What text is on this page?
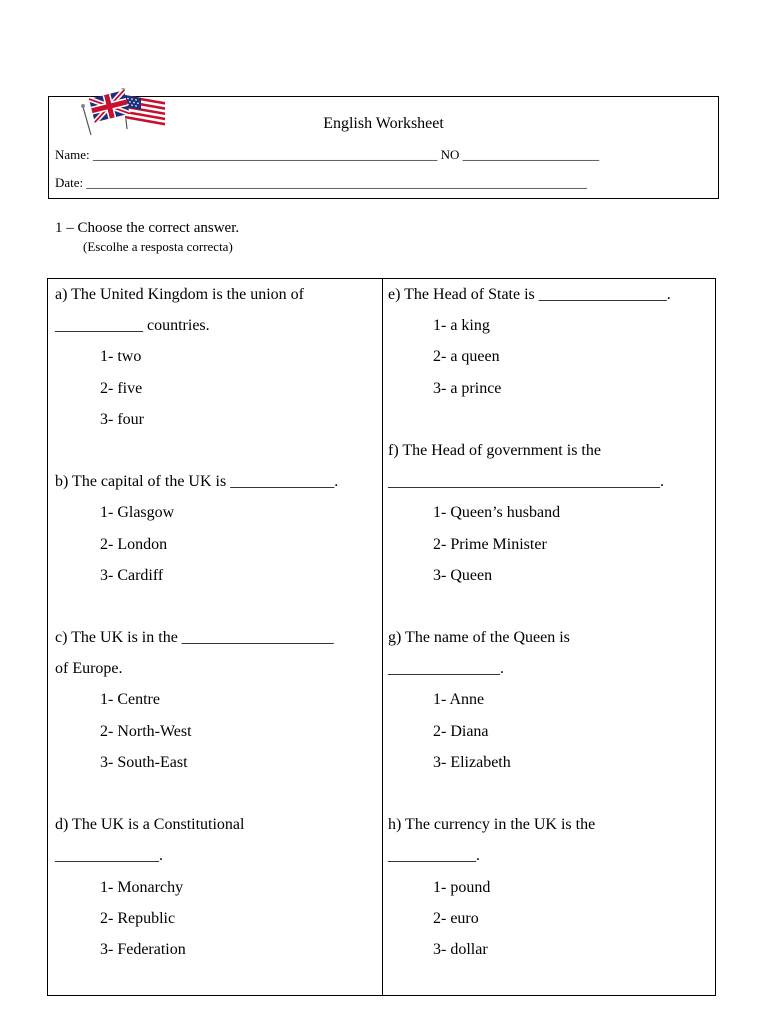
English Worksheet
Name: _____________________________________________________ NO _____________________
Date: _____________________________________________________________________________
1 – Choose the correct answer.
(Escolhe a resposta correcta)
a) The United Kingdom is the union of
___________ countries.
1- two
2- five
3- four
b) The capital of the UK is _____________.
1- Glasgow
2- London
3- Cardiff
c) The UK is in the ___________________
of Europe.
1- Centre
2- North-West
3- South-East
d) The UK is a Constitutional
_____________.
1- Monarchy
2- Republic
3- Federation
e) The Head of State is ________________.
1- a king
2- a queen
3- a prince
f) The Head of government is the
__________________________________.
1- Queen’s husband
2- Prime Minister
3- Queen
g) The name of the Queen is
______________.
1- Anne
2- Diana
3- Elizabeth
h) The currency in the UK is the
___________.
1- pound
2- euro
3- dollar
